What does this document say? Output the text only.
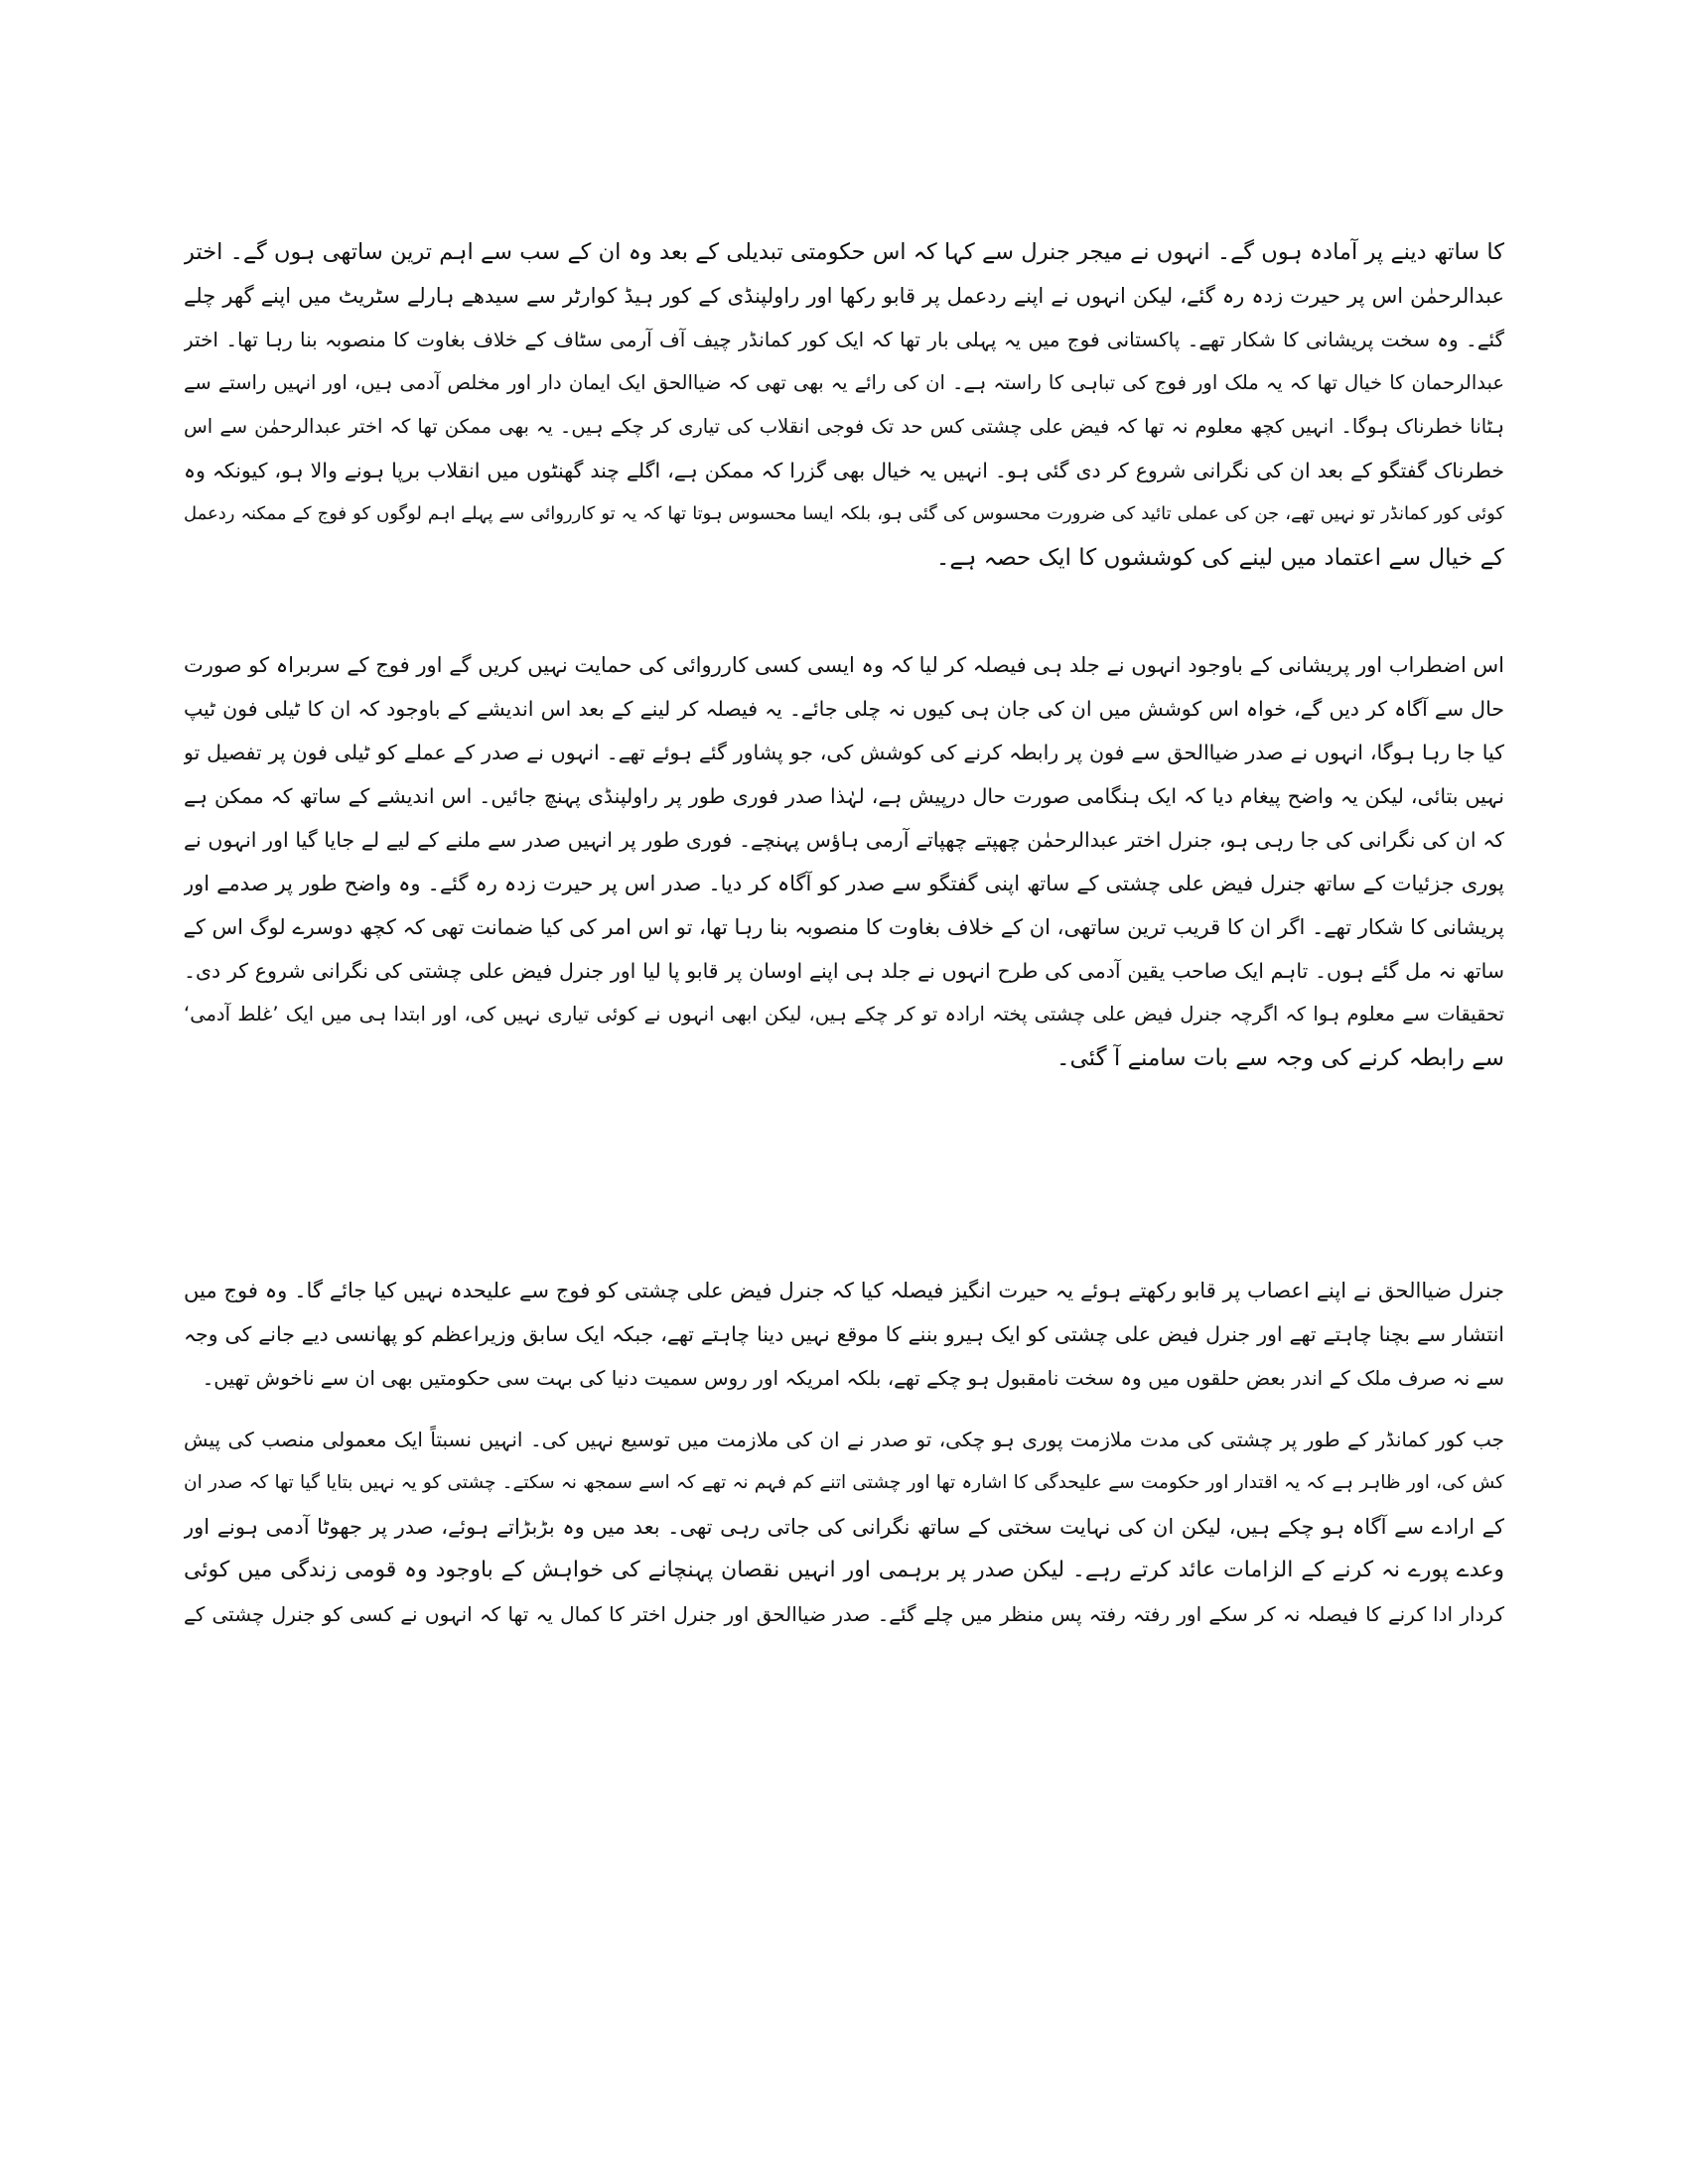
کا ساتھ دینے پر آمادہ ہوں گے۔ انہوں نے میجر جنرل سے کہا کہ اس حکومتی تبدیلی کے بعد وہ ان کے سب سے اہم ترین ساتھی ہوں گے۔ اختر
عبدالرحمٰن اس پر حیرت زدہ رہ گئے، لیکن انہوں نے اپنے ردعمل پر قابو رکھا اور راولپنڈی کے کور ہیڈ کوارٹر سے سیدھے ہارلے سٹریٹ میں اپنے گھر چلے
گئے۔ وہ سخت پریشانی کا شکار تھے۔ پاکستانی فوج میں یہ پہلی بار تھا کہ ایک کور کمانڈر چیف آف آرمی سٹاف کے خلاف بغاوت کا منصوبہ بنا رہا تھا۔ اختر
عبدالرحمان کا خیال تھا کہ یہ ملک اور فوج کی تباہی کا راستہ ہے۔ ان کی رائے یہ بھی تھی کہ ضیاالحق ایک ایمان دار اور مخلص آدمی ہیں، اور انہیں راستے سے
ہٹانا خطرناک ہوگا۔ انہیں کچھ معلوم نہ تھا کہ فیض علی چشتی کس حد تک فوجی انقلاب کی تیاری کر چکے ہیں۔ یہ بھی ممکن تھا کہ اختر عبدالرحمٰن سے اس
خطرناک گفتگو کے بعد ان کی نگرانی شروع کر دی گئی ہو۔ انہیں یہ خیال بھی گزرا کہ ممکن ہے، اگلے چند گھنٹوں میں انقلاب برپا ہونے والا ہو، کیونکہ وہ
کوئی کور کمانڈر تو نہیں تھے، جن کی عملی تائید کی ضرورت محسوس کی گئی ہو، بلکہ ایسا محسوس ہوتا تھا کہ یہ تو کارروائی سے پہلے اہم لوگوں کو فوج کے ممکنہ ردعمل
کے خیال سے اعتماد میں لینے کی کوششوں کا ایک حصہ ہے۔

اس اضطراب اور پریشانی کے باوجود انہوں نے جلد ہی فیصلہ کر لیا کہ وہ ایسی کسی کارروائی کی حمایت نہیں کریں گے اور فوج کے سربراہ کو صورت
حال سے آگاہ کر دیں گے، خواہ اس کوشش میں ان کی جان ہی کیوں نہ چلی جائے۔ یہ فیصلہ کر لینے کے بعد اس اندیشے کے باوجود کہ ان کا ٹیلی فون ٹیپ
کیا جا رہا ہوگا، انہوں نے صدر ضیاالحق سے فون پر رابطہ کرنے کی کوشش کی، جو پشاور گئے ہوئے تھے۔ انہوں نے صدر کے عملے کو ٹیلی فون پر تفصیل تو
نہیں بتائی، لیکن یہ واضح پیغام دیا کہ ایک ہنگامی صورت حال درپیش ہے، لہٰذا صدر فوری طور پر راولپنڈی پہنچ جائیں۔ اس اندیشے کے ساتھ کہ ممکن ہے
کہ ان کی نگرانی کی جا رہی ہو، جنرل اختر عبدالرحمٰن چھپتے چھپاتے آرمی ہاؤس پہنچے۔ فوری طور پر انہیں صدر سے ملنے کے لیے لے جایا گیا اور انہوں نے
پوری جزئیات کے ساتھ جنرل فیض علی چشتی کے ساتھ اپنی گفتگو سے صدر کو آگاہ کر دیا۔ صدر اس پر حیرت زدہ رہ گئے۔ وہ واضح طور پر صدمے اور
پریشانی کا شکار تھے۔ اگر ان کا قریب ترین ساتھی، ان کے خلاف بغاوت کا منصوبہ بنا رہا تھا، تو اس امر کی کیا ضمانت تھی کہ کچھ دوسرے لوگ اس کے
ساتھ نہ مل گئے ہوں۔ تاہم ایک صاحب یقین آدمی کی طرح انہوں نے جلد ہی اپنے اوسان پر قابو پا لیا اور جنرل فیض علی چشتی کی نگرانی شروع کر دی۔
تحقیقات سے معلوم ہوا کہ اگرچہ جنرل فیض علی چشتی پختہ ارادہ تو کر چکے ہیں، لیکن ابھی انہوں نے کوئی تیاری نہیں کی، اور ابتدا ہی میں ایک ’غلط آدمی‘
سے رابطہ کرنے کی وجہ سے بات سامنے آ گئی۔

جنرل ضیاالحق نے اپنے اعصاب پر قابو رکھتے ہوئے یہ حیرت انگیز فیصلہ کیا کہ جنرل فیض علی چشتی کو فوج سے علیحدہ نہیں کیا جائے گا۔ وہ فوج میں
انتشار سے بچنا چاہتے تھے اور جنرل فیض علی چشتی کو ایک ہیرو بننے کا موقع نہیں دینا چاہتے تھے، جبکہ ایک سابق وزیراعظم کو پھانسی دیے جانے کی وجہ
سے نہ صرف ملک کے اندر بعض حلقوں میں وہ سخت نامقبول ہو چکے تھے، بلکہ امریکہ اور روس سمیت دنیا کی بہت سی حکومتیں بھی ان سے ناخوش تھیں۔

جب کور کمانڈر کے طور پر چشتی کی مدت ملازمت پوری ہو چکی، تو صدر نے ان کی ملازمت میں توسیع نہیں کی۔ انہیں نسبتاً ایک معمولی منصب کی پیش
کش کی، اور ظاہر ہے کہ یہ اقتدار اور حکومت سے علیحدگی کا اشارہ تھا اور چشتی اتنے کم فہم نہ تھے کہ اسے سمجھ نہ سکتے۔ چشتی کو یہ نہیں بتایا گیا تھا کہ صدر ان
کے ارادے سے آگاہ ہو چکے ہیں، لیکن ان کی نہایت سختی کے ساتھ نگرانی کی جاتی رہی تھی۔ بعد میں وہ بڑبڑاتے ہوئے، صدر پر جھوٹا آدمی ہونے اور
وعدے پورے نہ کرنے کے الزامات عائد کرتے رہے۔ لیکن صدر پر برہمی اور انہیں نقصان پہنچانے کی خواہش کے باوجود وہ قومی زندگی میں کوئی
کردار ادا کرنے کا فیصلہ نہ کر سکے اور رفتہ رفتہ پس منظر میں چلے گئے۔ صدر ضیاالحق اور جنرل اختر کا کمال یہ تھا کہ انہوں نے کسی کو جنرل چشتی کے
